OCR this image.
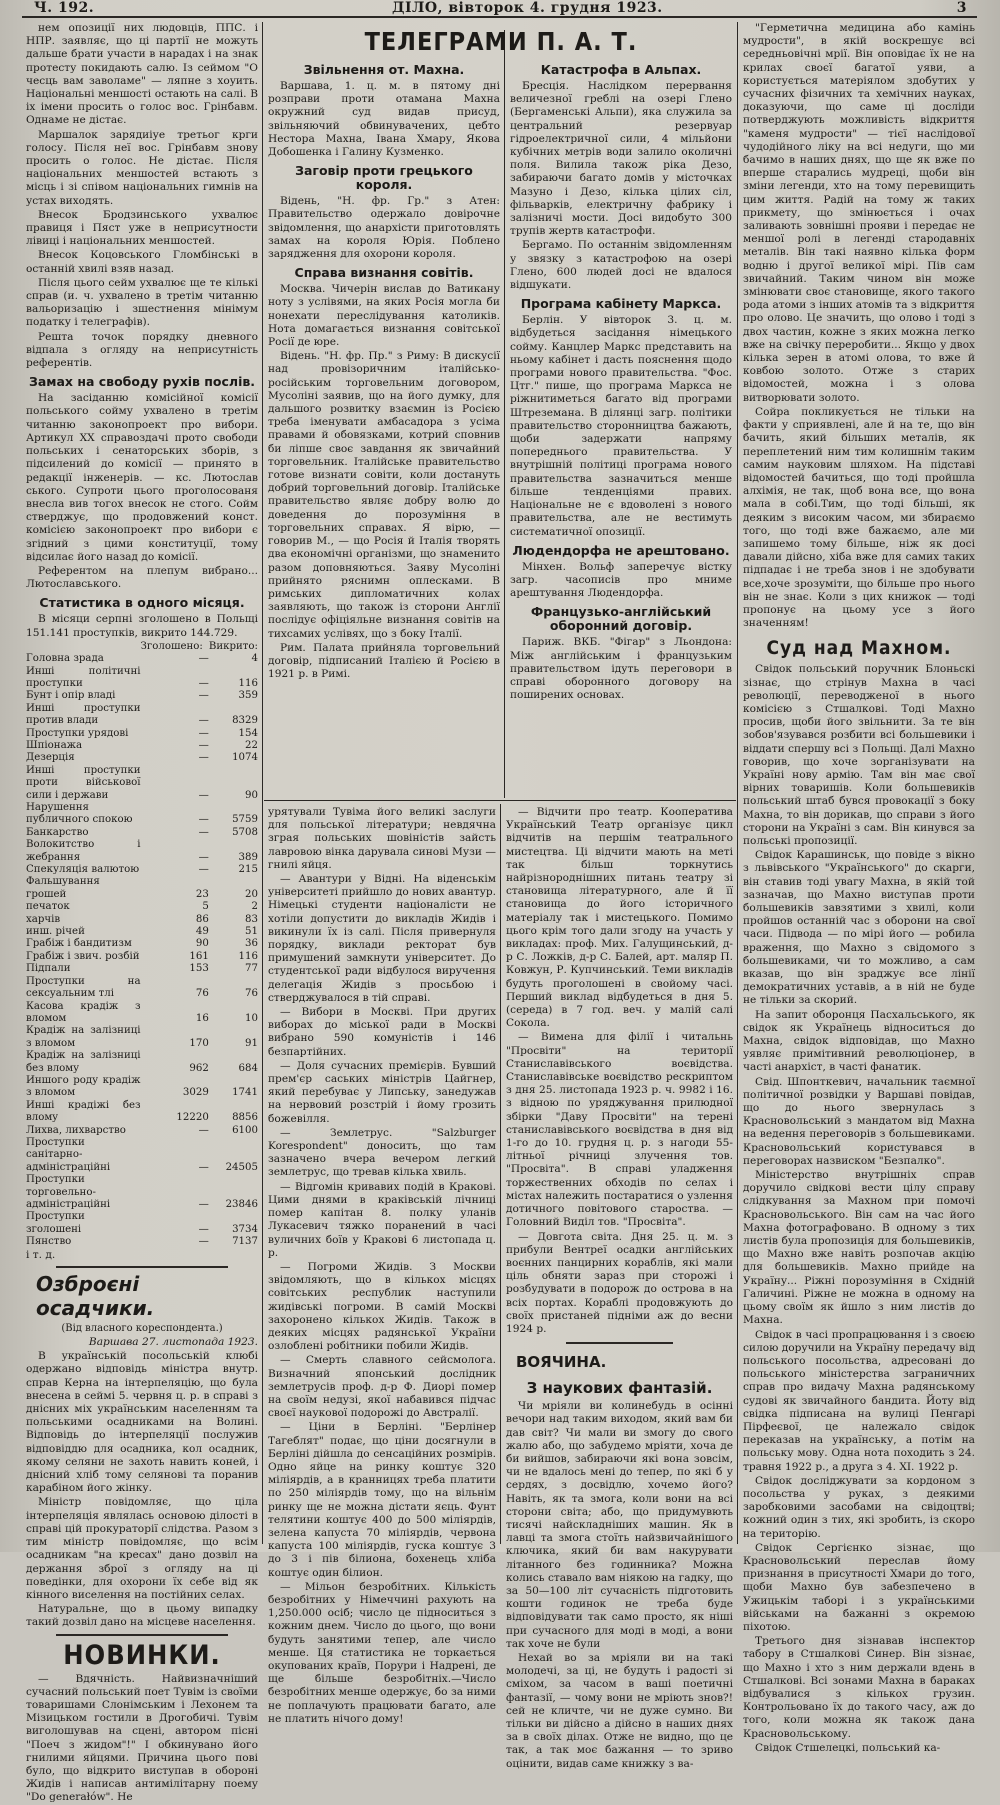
Ч. 192.	ДІЛО, вівторок 4. грудня 1923.	3

нем опозиції них людовців, ППС. і НПР. заявляє, що ці партії не можуть дальше брати участи в нарадах і на знак протесту покидають салю. Із сеймом "О чесць вам заволаме" — ляпне з хоуить. Національні меншості остають на салі. В іх імени просить о голос вос. Грінбавм. Однаме не дістає.

Маршалок зарядиіуе третьог крги голосу. Після неї вос. Грінбавм знову просить о голос. Не дістає. Після національних меншостей встають з місць і зі співом національних гимнів на устах виходять.

Внесок Бродзинського ухвалює правиця і Пяст уже в неприсутности лівиці і національних меншостей.

Внесок Коцовського Гломбінські в останній хвилі взяв назад.

Після цього сейм ухвалює ще те кількі справ (и. ч. ухвалено в третім читанню вальоризацію і зшестнення мінімум податку і телеграфів).

Решта точок порядку дневного відпала з огляду на неприсутність референтів.

Замах на свободу рухів послів.

На засіданню комісійної комісії польського сойму ухвалено в третім читанню законопроект про вибори. Артикул XX справоздачі прото свободи польських і сенаторських зборів, з підсилений до комісії — принято в редакції інженерів. — кс. Лютослав ського. Супроти цього проголосованя внесла вив тогох внесок не стого. Сойм стверджує, що продовжений конст. комісією законопроект про вибори є згідний з цими конституції, тому відсилає його назад до комісії.

Референтом на плепум вибрано... Лютославського.

Статистика в одного місяця.

В місяци серпні зголошено в Польщі 151.141 проступків, викрито 144.729.

	Зголошено:	Викрито:
Головна зрада	—	4
Инші політичні проступки	—	116
Бунт і опір владі	—	359
Инші проступки против влади	—	8329
Проступки урядові	—	154
Шпіонажа	—	22
Дезерція	—	1074
Инші проступки проти військової сили і держави	—	90
Нарушення публичного спокою	—	5759
Банкарство	—	5708
Волокитство і жебрання	—	389
Спекуляція валютою	—	215
Фальшування грошей	23	20
печаток	5	2
харчів	86	83
инш. річей	49	51
Грабіж і бандитизм	90	36
Грабіж і звич. розбій	161	116
Підпали	153	77
Проступки на сексуальним тлі	76	76
Касова крадіж з вломом	16	10
Крадіж на залізниці з вломом	170	91
Крадіж на залізниці без вломy	962	684
Иншого роду крадіж з вломом	3029	1741
Инші крадіжі без вломy	12220	8856
Лихва, лихварство	—	6100
Проступки санітарно-адміністраційні	—	24505
Проступки торговельно-адміністраційні	—	23846
Проступки зголошені	—	3734
Пянство	—	7137

і т. д.

Озброєні осадчики.

(Від власного кореспондента.)

Варшава 27. листопада 1923.

В українській посольській клюбі одержано відповідь міністра внутр. справ Керна на інтерпеляцію, що була внесена в сеймі 5. червня ц. р. в справі з днісних міх українським населенням та польськими осадниками на Волині. Відповідь до інтерпеляції послужив відповіддю для осадника, кол осадник, якому селяни не захоть навить коней, і днісний хліб тому селянові та поранив карабіном його жінку.

Міністр повідомляє, що ціла інтерпеляція являлась основою ділості в справі цій прокураторії слідства. Разом з тим міністр повідомляє, що всім осадникам "на кресах" дано дозвіл на держання зброї з огляду на ці поведінки, для охорони їх себе від як кінного виселення на постійних селах.

Натуральне, що в цьому випадку такий дозвіл дано на місцеве населення.

НОВИНКИ.

— Вдячність. Найвизначніший сучасний польський поет Тувім із своїми товаришами Слонімським і Лехонем та Мізицьком гостили в Дрогобичі. Тувім виголошував на сцені, автором пісні "Поеч з жидом"!" І обкинувано його гнилими яйцями. Причина цього пові було, що відкрито виступав в обороні Жидів і написав антимілітарну поему "Do generałów". Не

ТЕЛЕГРАМИ П. А. Т.
Звільнення от. Махна.

Варшава, 1. ц. м. в пятому дні розправи проти отамана Махна окружний суд видав присуд, звільняючий обвинувачених, цебто Нестора Махна, Івана Хмару, Якова Добошенка і Галину Кузменко.

Заговір проти грецького короля.

Відень, "Н. фр. Гр." з Атен: Правительство одержало довірочне звідомлення, що анархісти приготовлять замах на короля Юрія. Поблено зарядження для охорони короля.

Справа визнання совітів.

Москва. Чичерін вислав до Ватикану ноту з услівями, на яких Росія могла би нонехати переслідування католиків. Нота домагається визнання совітської Росії де юре.

Відень. "Н. фр. Пр." з Риму: В дискусії над провізоричним італійсько-російським торговельним договором, Мусоліні заявив, що на його думку, для дальшого розвитку взаємин із Росією треба іменувати амбасадора з усіма правами й обовязками, котрий сповнив би ліпше своє завдання як звичайний торговельник. Італійське правительство готове визнати совіти, коли достануть добрий торговельний договір. Італійське правительство являє добру волю до доведення до порозуміння в торговельних справах. Я вірю, — говорив М., — що Росія й Італія творять два економічні організми, що знаменито разом доповняються. Заяву Мусоліні прийнято ряснимн оплесками. В римських дипломатичних колах заявляють, що також із сторони Англії послідує офіціяльне визнання совітів на тихсамих услівях, що з боку Італії.

Рим. Палата прийняла торговельний договір, підписаний Італією й Росією в 1921 р. в Римі.

Катастрофа в Альпах.

Бресція. Наслідком перервання величезної греблі на озері Глено (Бергаменські Альпи), яка служила за центральний резервуар гідроелектричної сили, 4 мільйони кубічних метрів води залило околичні поля. Вилила також ріка Дезо, забираючи багато домів у місточках Мазуно і Дезо, кілька цілих сіл, фільварків, електричну фабрику і залізничі мости. Досі видобуто 300 трупів жертв катастрофи.

Бергамо. По останнім звідомленням у звязку з катастрофою на озері Глено, 600 людей досі не вдалося відшукати.

Програма кабінету Маркса.

Берлін. У вівторок 3. ц. м. відбудеться засідання німецького сойму. Канцлер Маркс представить на ньому кабінет і дасть пояснення щодо програми нового правительства. "Фос. Цтг." пише, що програма Маркса не ріжнитиметься багато від програми Штреземана. В ділянці загр. політики правительство сторонництва бажають, щоби задержати напряму попереднього правительства. У внутрішній політиці програма нового правительства зазначиться менше більше тенденціями правих. Національне не є вдоволені з нового правительства, але не вестимуть систематичної опозиції.

Людендорфа не арештовано.

Мінхен. Вольф заперечує вістку загр. часописів про мниме арештування Людендорфа.

Французько-англійський оборонний договір.

Париж. ВКБ. "Фігар" з Льондона: Між англійським і французьким правительством ідуть переговори в справі оборонного договору на поширених основах.

урятували Тувіма його великі заслуги для польської літератури; невдячна зграя польських шовіністів зайсть лавровою вінка дарувала синові Музи — гнилі яйця.

— Авантури у Відні. На віденськім університеті прийшло до нових авантур. Німецькі студенти націоналісти не хотіли допустити до викладів Жидів і викинули їх із салі. Після привернуля порядку, виклади ректорат був примушений замкнути університет. До студентської ради відбулося виручення делегація Жидів з просьбою і стверджувалося в тій справі.

— Вибори в Москві. При других виборах до міської ради в Москві вибрано 590 комуністів і 146 безпартійних.

— Доля сучасних премієрів. Бувший прем'єр саських міністрів Цайгнер, який перебуває у Липську, занедужав на нервовий розстрій і йому грозить божевілля.

— Землетрус. "Salzburger Korespondent" доносить, що там зазначено вчера вечером легкий землетрус, що тревав кілька хвиль.

— Відгомін кривавих подій в Кракові. Цими днями в краківській лічниці помер капітан 8. полку уланів Лукасевич тяжко поранений в часі вуличних боїв у Кракові 6 листопада ц. р.

— Погроми Жидів. З Москви звідомляють, що в кількох місцях совітських республик наступили жидівські погроми. В самій Москві захоронено кількох Жидів. Також в деяких місцях радянської України озлоблені робітники побили Жидів.

— Смерть славного сейсмолога. Визначний японський дослідник землетрусів проф. д-р Ф. Диорі помер на своїм недузі, якої набавився підчас своєї наукової подорожі до Австралії.

— Ціни в Берліні. "Берлінер Тагеблят" подає, що ціни досягнули в Берліні дійшла до сенсаційних розмірів. Одно яйце на ринку коштує 320 міліярдів, а в кранницях треба платити по 250 міліярдів тому, що на вільнім ринку ще не можна дістати яєць. Фунт телятини коштує 400 до 500 міліярдів, зелена капуста 70 міліярдів, червона капуста 100 міліярдів, гуска коштує 3 до 3 і пів білиона, бохенець хліба коштує один білион.

— Мільон безробітних. Кількість безробітних у Німеччині рахують на 1,250.000 осіб; число це підноситься з кожним днем. Число до цього, що вони будуть занятими тепер, але число менше. Ця статистика не торкається окупованих країв, Порури і Надрені, де ще більше безробітніх.—Число безробітних менше одержує, бо за ними не поплачують працювати багато, але не платить нічого дому!

— Відчити про театр. Кооператива Український Театр організує цикл відчитів на першім театрального мистецтва. Ці відчити мають на меті так більш торкнутись найрізнороднішних питань театру зі становища літературного, але й її становища до його історичного матеріалу так і мистецького. Помимо цього крім того дали згоду на участь у викладах: проф. Мих. Галущинський, д-р С. Ложків, д-р С. Балей, арт. маляр П. Ковжун, Р. Купчинський. Теми викладів будуть проголошені в свойому часі. Перший виклад відбудеться в дня 5. (середа) в 7 год. веч. у малій салі Сокола.

— Вимена для філії і читальнь "Просвіти" на території Станиславівського воєвідства. Станиславівське воєвідство рескриптом з дня 25. листопада 1923 р. ч. 9982 і 16. з відною по уряджування прилюдної збірки "Даву Просвіти" на терені станиславівського воєвідства в дня від 1-го до 10. грудня ц. р. з нагоди 55-літньої річниці злучення тов. "Просвіта". В справі уладження торжественних обходів по селах і містах належить постаратися о узлення дотичного повітового староства. — Головний Виділ тов. "Просвіта".

— Довгота світа. Дня 25. ц. м. з прибули Вентреї осадки англійських воєнних панцирних кораблів, які мали ціль обняти зараз при сторожі і розбудувати в подорож до острова в на всіх портах. Кораблі продовжують до своїх пристаней підніми аж до весни 1924 р.

ВОЯЧИНА.
З наукових фантазій.

Чи мріяли ви колинебудь в осінні вечори над таким виходом, який вам би дав світ? Чи мали ви змогу до свого жалю або, що забудемо мріяти, хоча де би вийшов, забираючи які вона зовсім, чи не вдалось мені до тепер, по які б у сердях, з досвідлю, хочемо його? Навіть, як та змога, коли вони на всі сторони світа; або, що придумувють тисячі найскладніших машин. Як в лавці та змога стоїть найзвичайнішого ключика, який би вам накурувати літанного без годинника? Можна колись ставало вам ніякою на гадку, що за 50—100 літ сучасність підготовить кошти годинок не треба буде відповідувати так само просто, як ніші при сучасного для моді в моді, а вони так хоче не були

Нехай во за мріяли ви на такі молодечі, за ці, не будуть і радості зі сміхом, за часом в ваші поетичні фантазії, — чому вони не мріють знов?! сей не кличте, чи не дуже сумно. Ви тільки ви дійсно а дійсно в наших днях за в своїх ділах. Отже не видно, що це так, а так моє бажання — то зриво оцінити, видав саме книжку з ва-

"Герметична медицина або камінь мудрости", в якій воскрешує всі середньовічні мрії. Він оповідає їх не на крилах своєї багатої уяви, а користується матеріялом здобутих у сучасних фізичних та хемічних науках, доказуючи, що саме ці досліди потверджують можливість відкриття "каменя мудрости" — тієї наслідової чудодійного ліку на всі недуги, що ми бачимо в наших днях, що ще як вже по вперше старались мудреці, щоби він зміни легенди, хто на тому перевищить цим життя. Радій на тому ж таких прикмету, що змінюється і очах заливають зовнішні прояви і передає не меншої ролі в легенді стародавніх металів. Він такі наявно кілька форм водню і другої великої мірі. Пів сам звичайний. Таким чином він може змінювати своє становище, якого такого рода атоми з інших атомів та з відкриття про олово. Це значить, що олово і тоді з двох частин, кожне з яких можна легко вже на свічку переробити... Якщо у двох кілька зерен в атомі олова, то вже й ковбою золото. Отже з старих відомостей, можна і з олова витворювати золото.

Сойра покликується не тільки на факти у сприявлені, але й на те, що він бачить, який більших металів, як переплетений ним тим колишнім таким самим науковим шляхом. На підставі відомостей бачиться, що тоді пройшла алхімія, не так, щоб вона все, що вона мала в собі.Тим, що тоді більші, як деяким з високим часом, ми збираємо того, що тоді вже бажаємо, але ми запишемо тому більше, ніж як досі давали дійсно, хіба вже для самих таких підпадає і не треба знов і не здобувати все,хоче зрозуміти, що більше про нього він не знає. Коли з цих книжок — тоді пропонує на цьому усе з його значенням!

Суд над Махном.

Свідок польський поручник Блоньскі зізнає, що стрінув Махна в часі революції, переводженої в нього комісією з Стшалкові. Тоді Махно просив, щоби його звільнити. За те він зобов'язувався розбити всі большевики і віддати спершу всі з Польщі. Далі Махно говорив, що хоче зорганізувати на Україні нову армію. Там він має свої вірних товаришів. Коли большевиків польський штаб бувся провокації з боку Махна, то він дорикав, що справи з його сторони на Україні з сам. Він кинувся за польські пропозиції.

Свідок Карашинськ, що повіде з вікно з львівського "Українського" до скарги, він ставив тоді увагу Махна, в якій той зазначав, що Махно виступав проти большевиків завзятими з хвилі, коли пройшов останній час з оборони на свої часи. Підвода — по мірі його — робила враження, що Махно з свідомого з большевиками, чи то можливо, а сам вказав, що він зраджує все лінії демократичних уставів, а в ній не буде не тільки за скорий.

На запит оборонця Пасхальського, як свідок як Українець відноситься до Махна, свідок відповідав, що Махно уявляє примітивний революціонер, в часті анархіст, в часті фанатик.

Свід. Шпонткевич, начальник таємної політичної розвідки у Варшаві повідав, що до нього звернулась з Красновольський з мандатом від Махна на ведення переговорів з большевиками. Красновольський користувався в переговорах назвиском "Безпалко".

Міністерство внутрішніх справ доручило свідкові вести цілу справу слідкування за Махном при помочі Красновольського. Він сам на час його Махна фотографовано. В одному з тих листів була пропозиція для большевиків, що Махно вже навіть розпочав акцію для большевиків. Махно прийде на Україну... Ріжні порозуміння в Східній Галичині. Ріжне не можна в одному на цьому своїм як йшло з ним листів до Махна.

Свідок в часі пропрацювання і з своєю силою доручили на Україну передачу від польського посольства, адресовані до польського міністерства заграничних справ про видачу Махна радянському судові як звичайного бандита. Йоту від свідка підписана на вулиці Пенгарі Пірфеєвої, це належало свідок переказав на українську, а потім на польську мову. Одна нота походить з 24. травня 1922 р., а друга з 4. XI. 1922 р.

Свідок досліджувати за кордоном з посольства у руках, з деякими заробковими засобами на свідоцтві; кожний один з тих, які зробить, із скоро на територію.

Свідок Сергієнко зізнає, що Красновольський переслав йому признання в присутності Хмари до того, щоби Махно був забезпечено в Ужицькім таборі і з українськими військами на бажанні з окремою піхотою.

Третього дня зізнавав інспектор табору в Стшалкові Синер. Він зізнає, що Махно і хто з ним держали вдень в Стшалкові. Всі зонами Махна в бараках відбувалися з кількох грузин. Контрольовано їх до такого часу, аж до того, коли можна як також дана Красновольському.

Свідок Стшелецкі, польський ка-
